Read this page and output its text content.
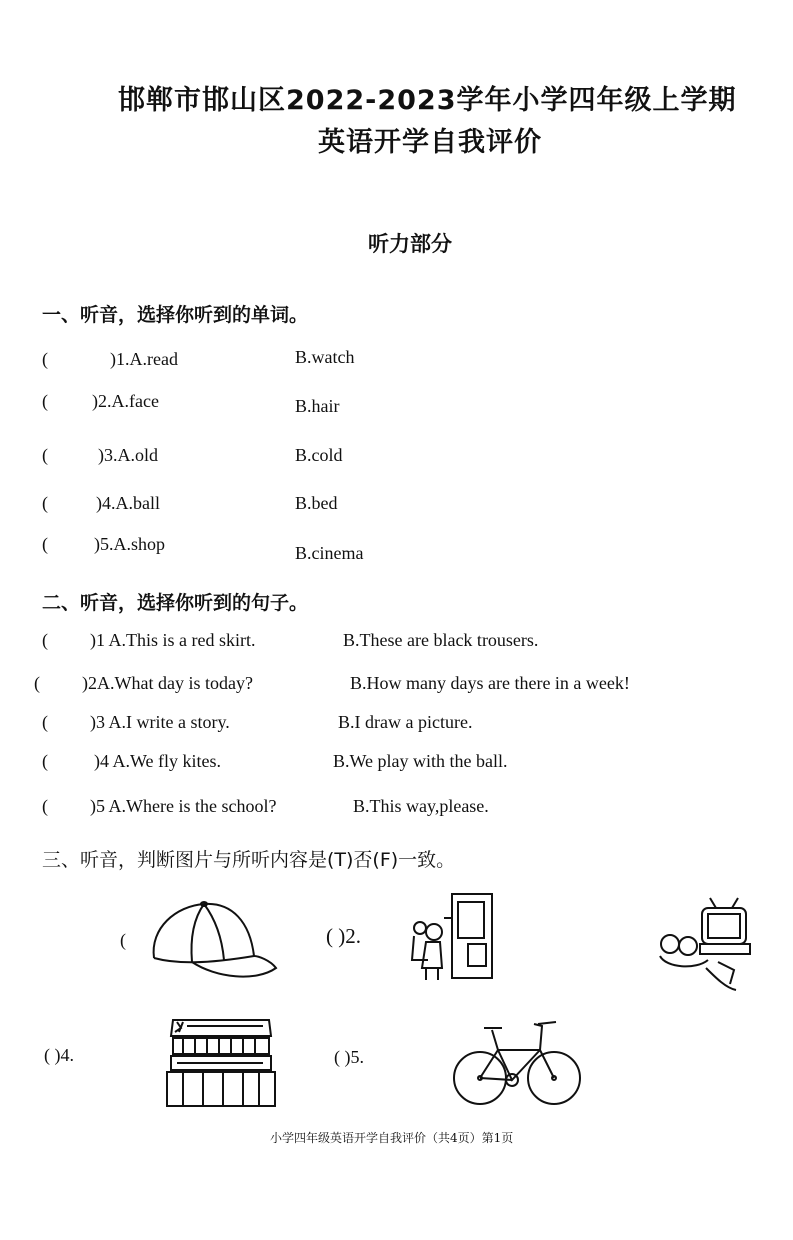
邯郸市邯山区2022-2023学年小学四年级上学期
英语开学自我评价
听力部分
一、听音，选择你听到的单词。
(	)1.A.read	B.watch
( )2.A.face	B.hair
(	)3.A.old	B.cold
(	)4.A.ball	B.bed
(	)5.A.shop	B.cinema
二、听音，选择你听到的句子。
( )1 A.This is a red skirt.	B.These are black trousers.
( )2A.What day is today?	B.How many days are there in a week!
( )3 A.I write a story.	B.I draw a picture.
(	)4 A.We fly kites.	B.We play with the ball.
( )5 A.Where is the school?	B.This way,please.
三、听音，判断图片与所听内容是(T)否(F)一致。
(	( )2.
( )4.	( )5.
小学四年级英语开学自我评价（共4页）第1页
